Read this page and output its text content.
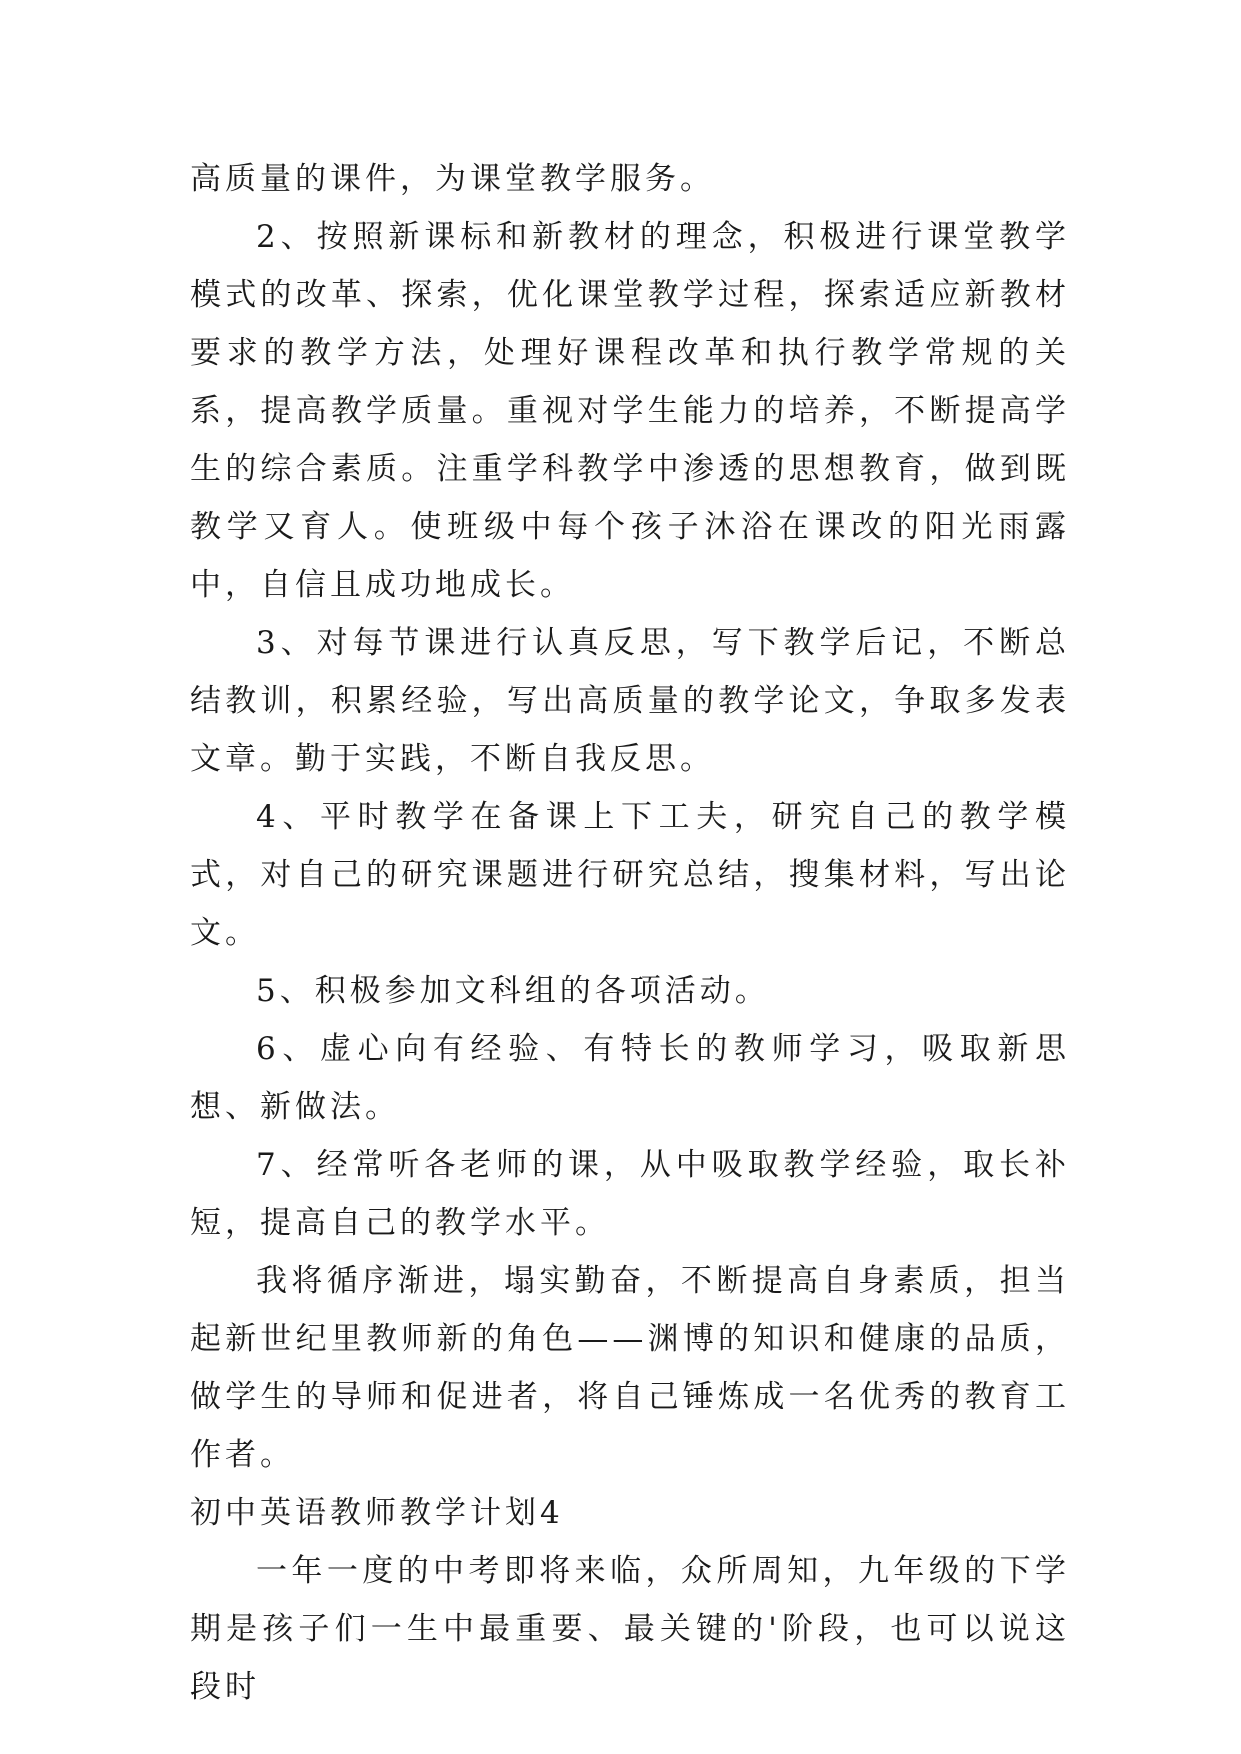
高质量的课件，为课堂教学服务。

2、按照新课标和新教材的理念，积极进行课堂教学模式的改革、探索，优化课堂教学过程，探索适应新教材要求的教学方法，处理好课程改革和执行教学常规的关系，提高教学质量。重视对学生能力的培养，不断提高学生的综合素质。注重学科教学中渗透的思想教育，做到既教学又育人。使班级中每个孩子沐浴在课改的阳光雨露中，自信且成功地成长。

3、对每节课进行认真反思，写下教学后记，不断总结教训，积累经验，写出高质量的教学论文，争取多发表文章。勤于实践，不断自我反思。

4、平时教学在备课上下工夫，研究自己的教学模式，对自己的研究课题进行研究总结，搜集材料，写出论文。

5、积极参加文科组的各项活动。

6、虚心向有经验、有特长的教师学习，吸取新思想、新做法。

7、经常听各老师的课，从中吸取教学经验，取长补短，提高自己的教学水平。

我将循序渐进，塌实勤奋，不断提高自身素质，担当起新世纪里教师新的角色——渊博的知识和健康的品质，做学生的导师和促进者，将自己锤炼成一名优秀的教育工作者。

初中英语教师教学计划4

一年一度的中考即将来临，众所周知，九年级的下学期是孩子们一生中最重要、最关键的'阶段，也可以说这段时
